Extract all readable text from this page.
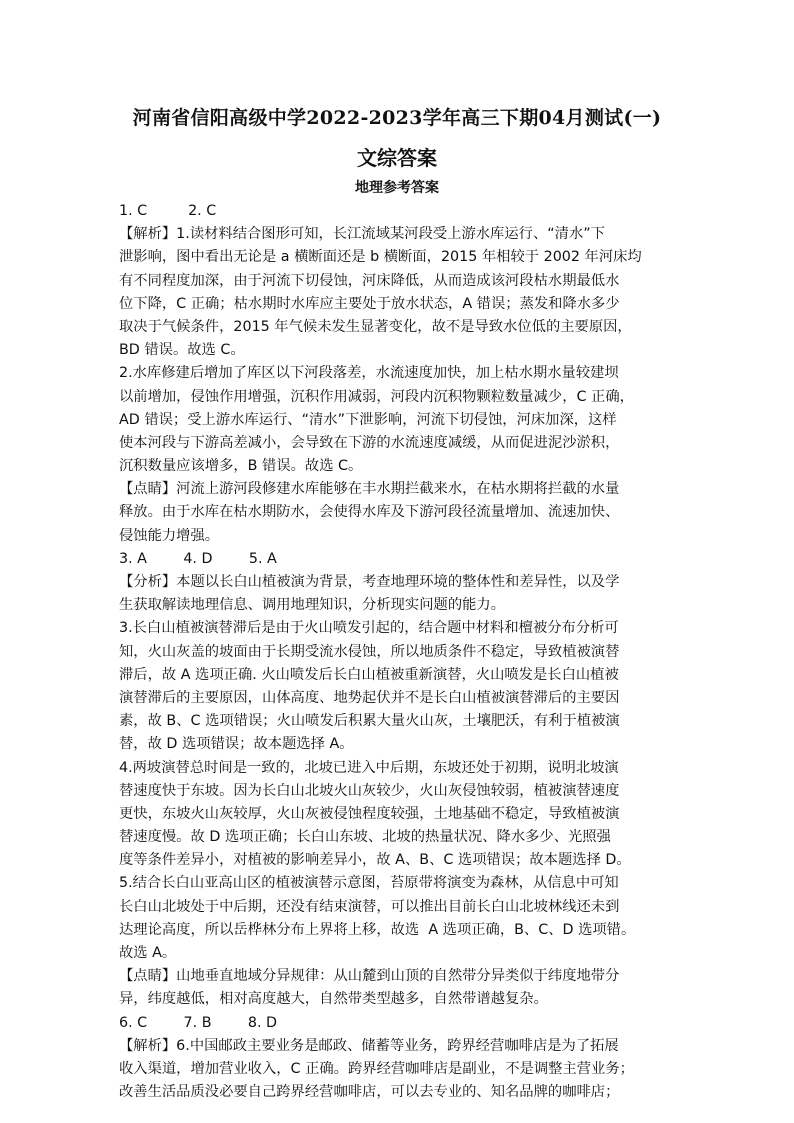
河南省信阳高级中学2022-2023学年高三下期04月测试(一)
文综答案
地理参考答案
1. C         2. C
【解析】1.读材料结合图形可知，长江流域某河段受上游水库运行、“清水”下
泄影响，图中看出无论是 a 横断面还是 b 横断面，2015 年相较于 2002 年河床均
有不同程度加深，由于河流下切侵蚀，河床降低，从而造成该河段枯水期最低水
位下降，C 正确；枯水期时水库应主要处于放水状态，A 错误；蒸发和降水多少
取决于气候条件，2015 年气候未发生显著变化，故不是导致水位低的主要原因，
BD 错误。故选 C。
2.水库修建后增加了库区以下河段落差，水流速度加快，加上枯水期水量较建坝
以前增加，侵蚀作用增强，沉积作用减弱，河段内沉积物颗粒数量减少，C 正确，
AD 错误；受上游水库运行、“清水”下泄影响，河流下切侵蚀，河床加深，这样
使本河段与下游高差减小，会导致在下游的水流速度减缓，从而促进泥沙淤积，
沉积数量应该增多，B 错误。故选 C。
【点睛】河流上游河段修建水库能够在丰水期拦截来水，在枯水期将拦截的水量
释放。由于水库在枯水期防水，会使得水库及下游河段径流量增加、流速加快、
侵蚀能力增强。
3. A        4. D        5. A
【分析】本题以长白山植被演为背景，考查地理环境的整体性和差异性，以及学
生获取解读地理信息、调用地理知识，分析现实问题的能力。
3.长白山植被演替滞后是由于火山喷发引起的，结合题中材料和檀被分布分析可
知，火山灰盖的坡面由于长期受流水侵蚀，所以地质条件不稳定，导致植被演替
滞后，故 A 选项正确. 火山喷发后长白山植被重新演替，火山喷发是长白山植被
演替滞后的主要原因，山体高度、地势起伏并不是长白山植被演替滞后的主要因
素，故 B、C 选项错误；火山喷发后积累大量火山灰，土壤肥沃，有利于植被演
替，故 D 选项错误；故本题选择 A。
4.两坡演替总时间是一致的，北坡已进入中后期，东坡还处于初期，说明北坡演
替速度快于东坡。因为长白山北坡火山灰较少，火山灰侵蚀较弱，植被演替速度
更快，东坡火山灰较厚，火山灰被侵蚀程度较强，土地基础不稳定，导致植被演
替速度慢。故 D 选项正确；长白山东坡、北坡的热量状况、降水多少、光照强
度等条件差异小，对植被的影响差异小，故 A、B、C 选项错误；故本题选择 D。
5.结合长白山亚高山区的植被演替示意图，苔原带将演变为森林，从信息中可知
长白山北坡处于中后期，还没有结束演替，可以推出目前长白山北坡林线还未到
达理论高度，所以岳桦林分布上界将上移，故选  A 选项正确，B、C、D 选项错。
故选 A。
【点睛】山地垂直地域分异规律：从山麓到山顶的自然带分异类似于纬度地带分
异，纬度越低，相对高度越大，自然带类型越多，自然带谱越复杂。
6. C        7. B        8. D
【解析】6.中国邮政主要业务是邮政、储蓄等业务，跨界经营咖啡店是为了拓展
收入渠道，增加营业收入，C 正确。跨界经营咖啡店是副业，不是调整主营业务；
改善生活品质没必要自己跨界经营咖啡店，可以去专业的、知名品牌的咖啡店；
